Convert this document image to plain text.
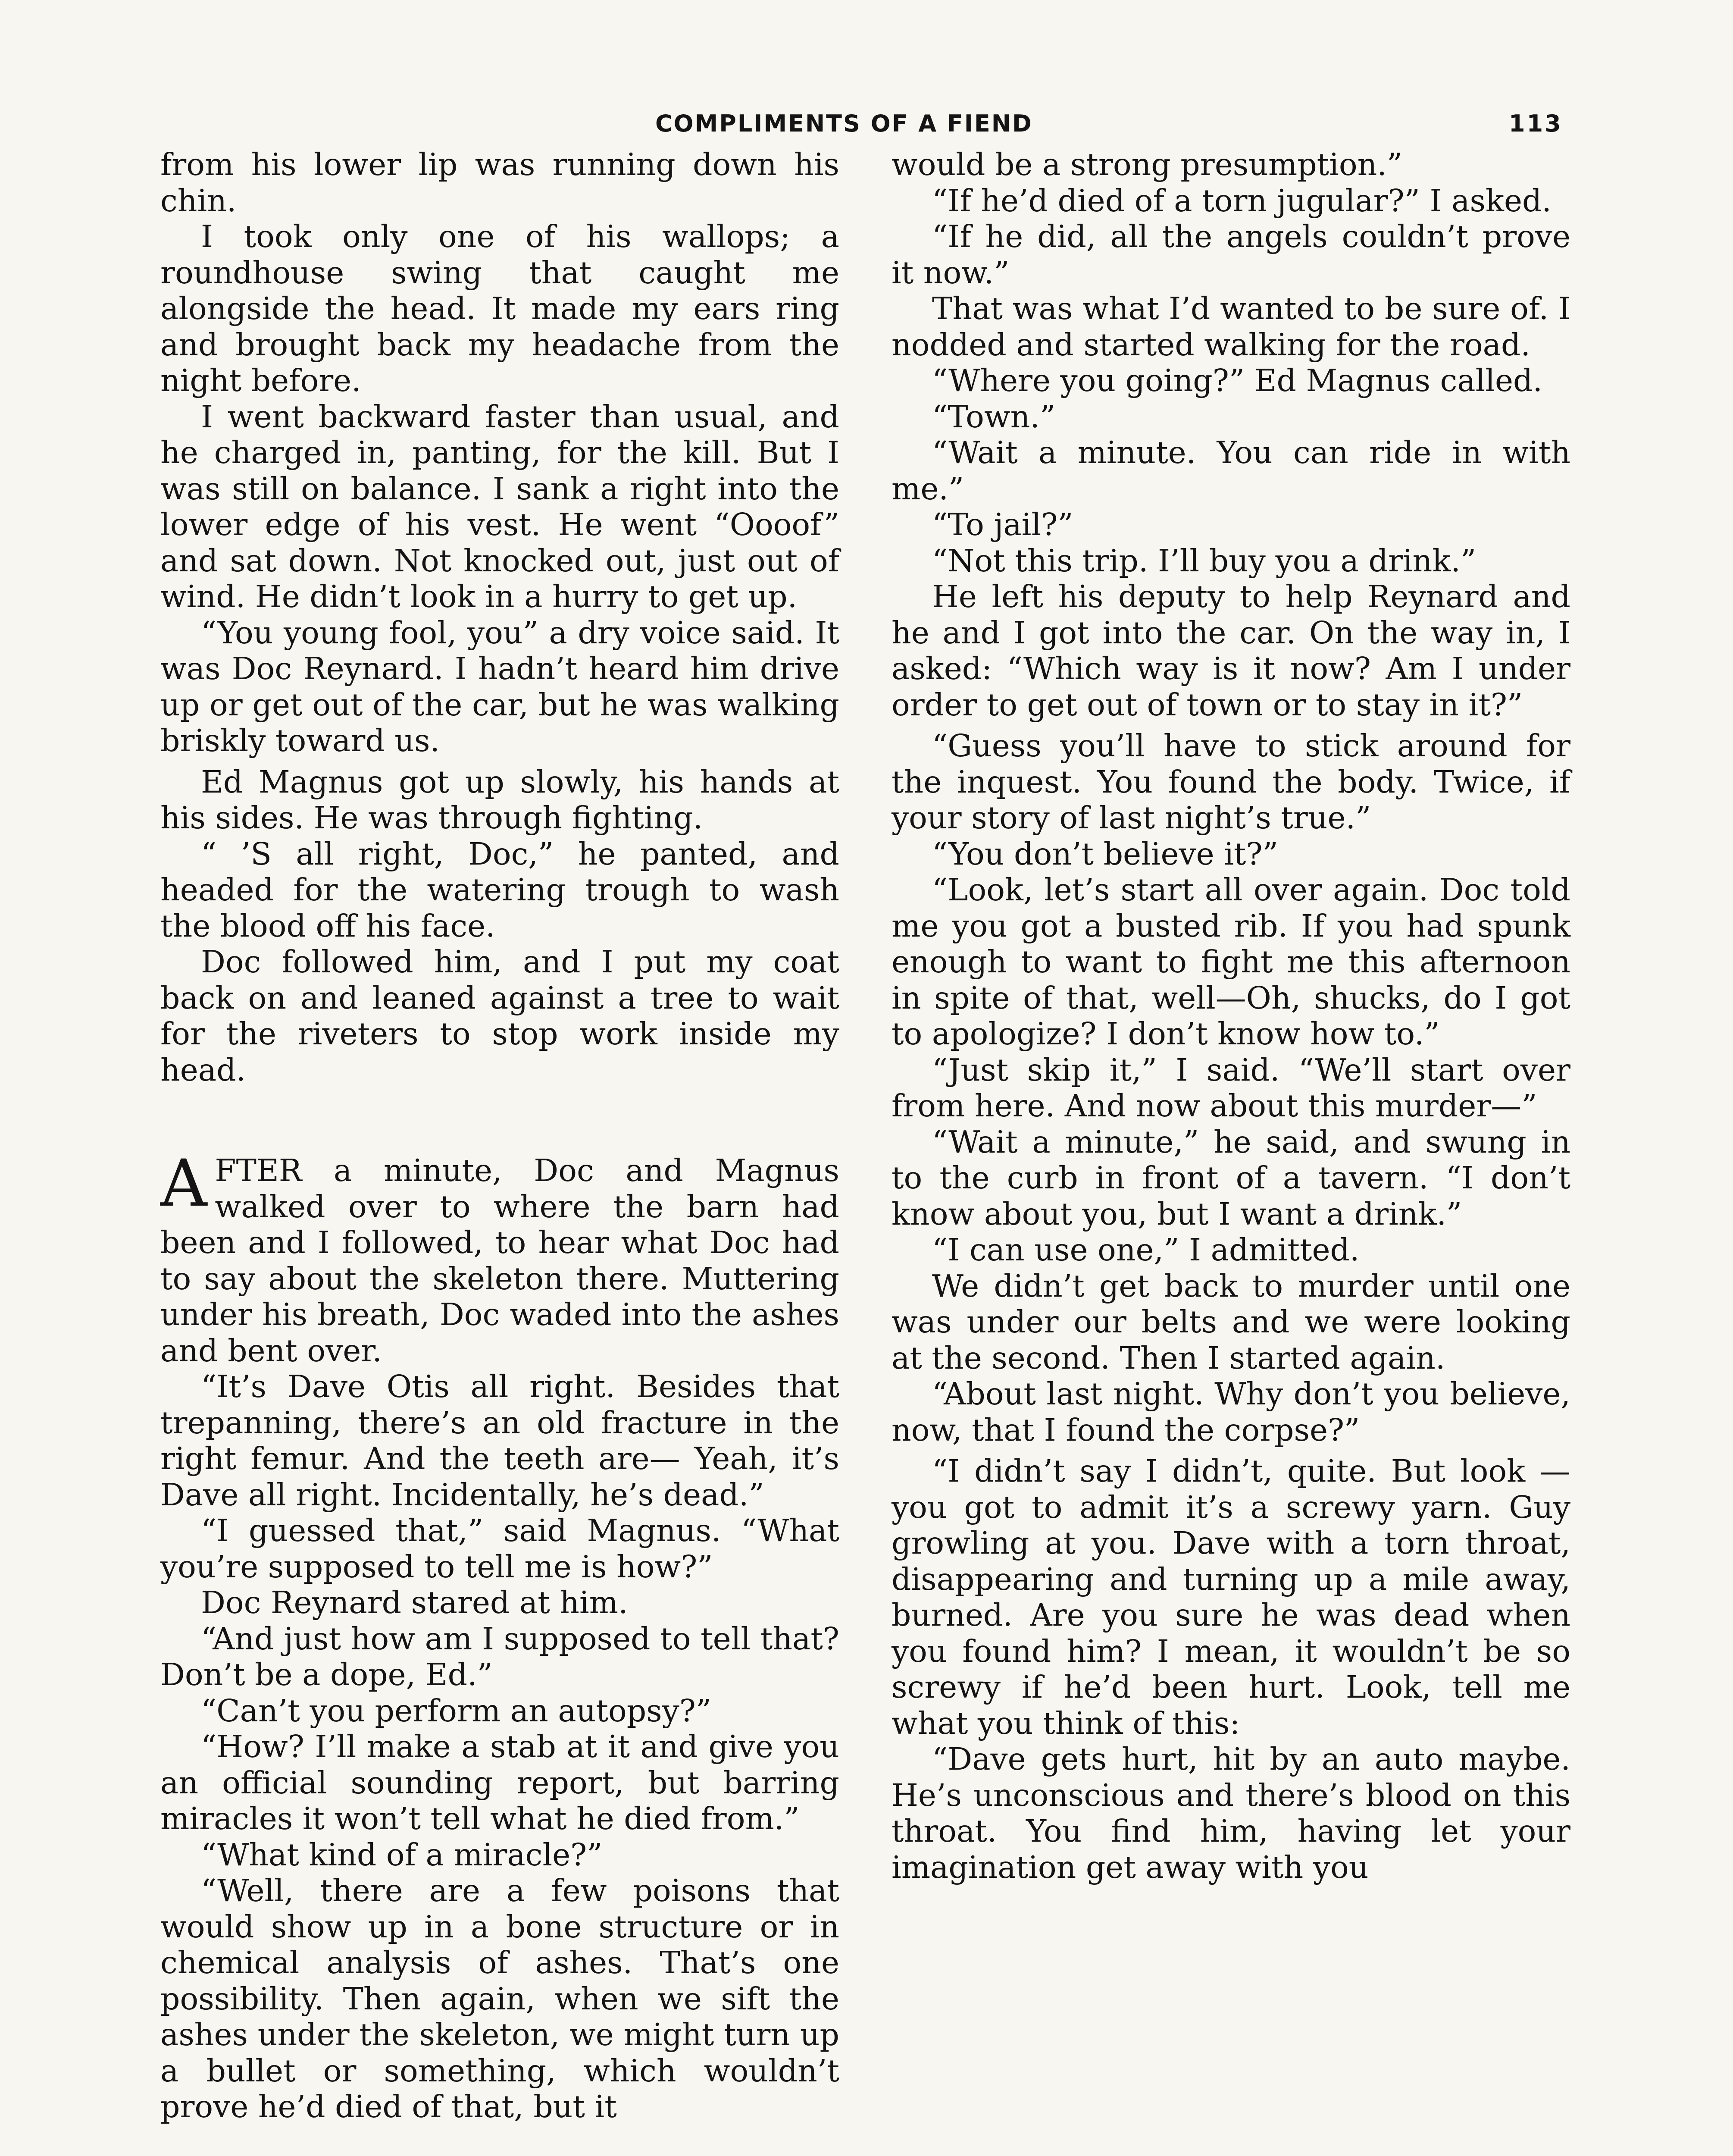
COMPLIMENTS OF A FIEND	113

from his lower lip was running down his chin.

I took only one of his wallops; a roundhouse swing that caught me alongside the head. It made my ears ring and brought back my headache from the night before.

I went backward faster than usual, and he charged in, panting, for the kill. But I was still on balance. I sank a right into the lower edge of his vest. He went “Oooof” and sat down. Not knocked out, just out of wind. He didn’t look in a hurry to get up.

“You young fool, you” a dry voice said. It was Doc Reynard. I hadn’t heard him drive up or get out of the car, but he was walking briskly toward us.

Ed Magnus got up slowly, his hands at his sides. He was through fighting.

“ ’S all right, Doc,” he panted, and headed for the watering trough to wash the blood off his face.

Doc followed him, and I put my coat back on and leaned against a tree to wait for the riveters to stop work inside my head.

AFTER a minute, Doc and Magnus walked over to where the barn had been and I followed, to hear what Doc had to say about the skeleton there. Muttering under his breath, Doc waded into the ashes and bent over.

“It’s Dave Otis all right. Besides that trepanning, there’s an old fracture in the right femur. And the teeth are— Yeah, it’s Dave all right. Incidentally, he’s dead.”

“I guessed that,” said Magnus. “What you’re supposed to tell me is how?”

Doc Reynard stared at him.

“And just how am I supposed to tell that? Don’t be a dope, Ed.”

“Can’t you perform an autopsy?”

“How? I’ll make a stab at it and give you an official sounding report, but barring miracles it won’t tell what he died from.”

“What kind of a miracle?”

“Well, there are a few poisons that would show up in a bone structure or in chemical analysis of ashes. That’s one possibility. Then again, when we sift the ashes under the skeleton, we might turn up a bullet or something, which wouldn’t prove he’d died of that, but it

would be a strong presumption.”

“If he’d died of a torn jugular?” I asked.

“If he did, all the angels couldn’t prove it now.”

That was what I’d wanted to be sure of. I nodded and started walking for the road.

“Where you going?” Ed Magnus called.

“Town.”

“Wait a minute. You can ride in with me.”

“To jail?”

“Not this trip. I’ll buy you a drink.”

He left his deputy to help Reynard and he and I got into the car. On the way in, I asked: “Which way is it now? Am I under order to get out of town or to stay in it?”

“Guess you’ll have to stick around for the inquest. You found the body. Twice, if your story of last night’s true.”

“You don’t believe it?”

“Look, let’s start all over again. Doc told me you got a busted rib. If you had spunk enough to want to fight me this afternoon in spite of that, well—Oh, shucks, do I got to apologize? I don’t know how to.”

“Just skip it,” I said. “We’ll start over from here. And now about this murder—”

“Wait a minute,” he said, and swung in to the curb in front of a tavern. “I don’t know about you, but I want a drink.”

“I can use one,” I admitted.

We didn’t get back to murder until one was under our belts and we were looking at the second. Then I started again.

“About last night. Why don’t you believe, now, that I found the corpse?”

“I didn’t say I didn’t, quite. But look —you got to admit it’s a screwy yarn. Guy growling at you. Dave with a torn throat, disappearing and turning up a mile away, burned. Are you sure he was dead when you found him? I mean, it wouldn’t be so screwy if he’d been hurt. Look, tell me what you think of this:

“Dave gets hurt, hit by an auto maybe. He’s unconscious and there’s blood on this throat. You find him, having let your imagination get away with you
